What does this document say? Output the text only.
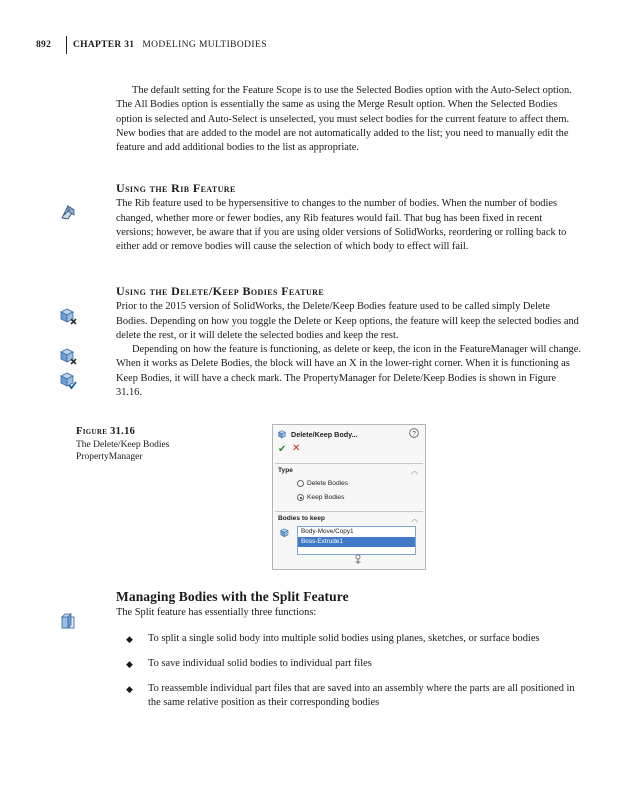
892	CHAPTER 31 MODELING MULTIBODIES

The default setting for the Feature Scope is to use the Selected Bodies option with the Auto-Select option. The All Bodies option is essentially the same as using the Merge Result option. When the Selected Bodies option is selected and Auto-Select is unselected, you must select bodies for the current feature to affect them. New bodies that are added to the model are not automatically added to the list; you need to manually edit the feature and add additional bodies to the list as appropriate.

Using the Rib Feature

The Rib feature used to be hypersensitive to changes to the number of bodies. When the number of bodies changed, whether more or fewer bodies, any Rib features would fail. That bug has been fixed in recent versions; however, be aware that if you are using older versions of SolidWorks, reordering or rolling back to either add or remove bodies will cause the selection of which body to effect will fail.

Using the Delete/Keep Bodies Feature

Prior to the 2015 version of SolidWorks, the Delete/Keep Bodies feature used to be called simply Delete Bodies. Depending on how you toggle the Delete or Keep options, the feature will keep the selected bodies and delete the rest, or it will delete the selected bodies and keep the rest.

Depending on how the feature is functioning, as delete or keep, the icon in the FeatureManager will change. When it works as Delete Bodies, the block will have an X in the lower-right corner. When it is functioning as Keep Bodies, it will have a check mark. The PropertyManager for Delete/Keep Bodies is shown in Figure 31.16.

Figure 31.16
The Delete/Keep Bodies
PropertyManager
Delete/Keep Body...	?
✔ ✕
Type	︿
Delete Bodies
Keep Bodies
Bodies to keep	︿
Body-Move/Copy1
Boss-Extrude1
Managing Bodies with the Split Feature

The Split feature has essentially three functions:

◆ To split a single solid body into multiple solid bodies using planes, sketches, or surface bodies
◆ To save individual solid bodies to individual part files
◆ To reassemble individual part files that are saved into an assembly where the parts are all positioned in the same relative position as their corresponding bodies
